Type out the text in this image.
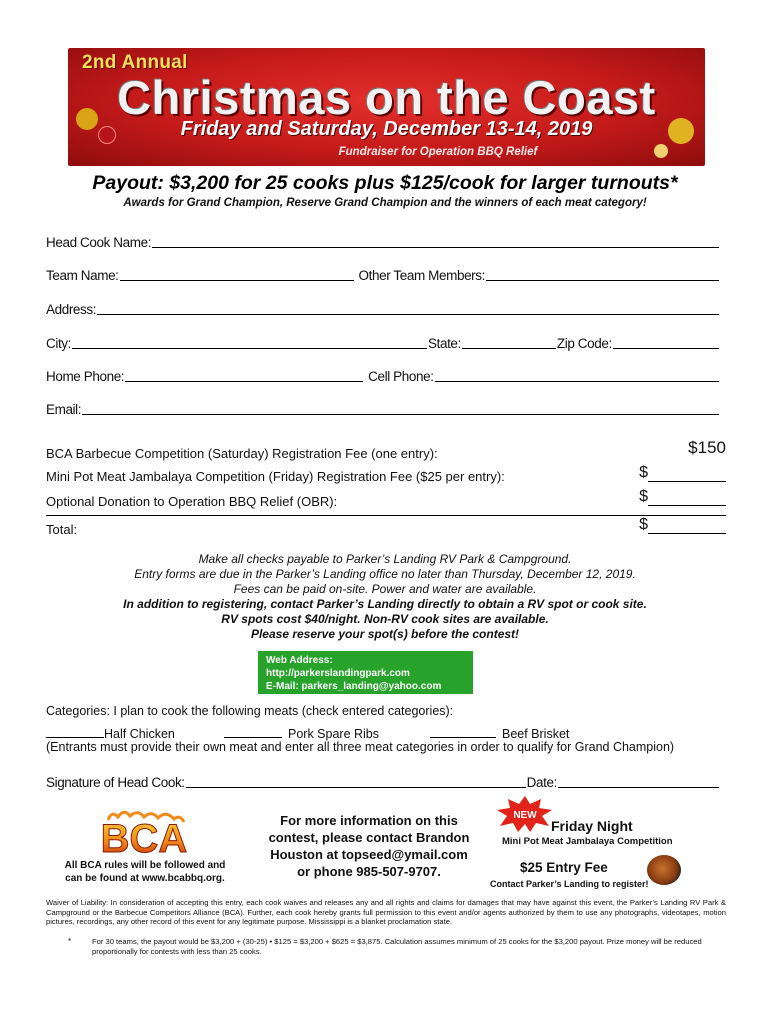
2nd Annual
Christmas on the Coast
Friday and Saturday, December 13-14, 2019
Fundraiser for Operation BBQ Relief
Payout: $3,200 for 25 cooks plus $125/cook for larger turnouts*
Awards for Grand Champion, Reserve Grand Champion and the winners of each meat category!
Head Cook Name:
Team Name:	Other Team Members:
Address:
City:	State:	Zip Code:
Home Phone:	Cell Phone:
Email:
BCA Barbecue Competition (Saturday) Registration Fee (one entry):	$150
Mini Pot Meat Jambalaya Competition (Friday) Registration Fee ($25 per entry):	$
Optional Donation to Operation BBQ Relief (OBR):	$
Total:	$
Make all checks payable to Parker’s Landing RV Park & Campground.
Entry forms are due in the Parker’s Landing office no later than Thursday, December 12, 2019.
Fees can be paid on-site. Power and water are available.
In addition to registering, contact Parker’s Landing directly to obtain a RV spot or cook site.
RV spots cost $40/night. Non-RV cook sites are available.
Please reserve your spot(s) before the contest!
Web Address: http://parkerslandingpark.com
E-Mail: parkers_landing@yahoo.com
Park Phone: (228) 392-7717
Categories: I plan to cook the following meats (check entered categories):
Half Chicken	Pork Spare Ribs	Beef Brisket
(Entrants must provide their own meat and enter all three meat categories in order to qualify for Grand Champion)
Signature of Head Cook:	Date:
BCA
All BCA rules will be followed and
can be found at www.bcabbq.org.
For more information on this
contest, please contact Brandon
Houston at topseed@ymail.com
or phone 985-507-9707.
NEW
Friday Night
Mini Pot Meat Jambalaya Competition
$25 Entry Fee
Contact Parker’s Landing to register!
Waiver of Liability: In consideration of accepting this entry, each cook waives and releases any and all rights and claims for damages that may have against this event, the Parker’s Landing RV Park & Campground or the Barbecue Competitors Alliance (BCA). Further, each cook hereby grants full permission to this event and/or agents authorized by them to use any photographs, videotapes, motion pictures, recordings, any other record of this event for any legitimate purpose. Mississippi is a blanket proclamation state.
*	For 30 teams, the payout would be $3,200 + (30-25) • $125 = $3,200 + $625 = $3,875. Calculation assumes minimum of 25 cooks for the $3,200 payout. Prize money will be reduced proportionally for contests with less than 25 cooks.
